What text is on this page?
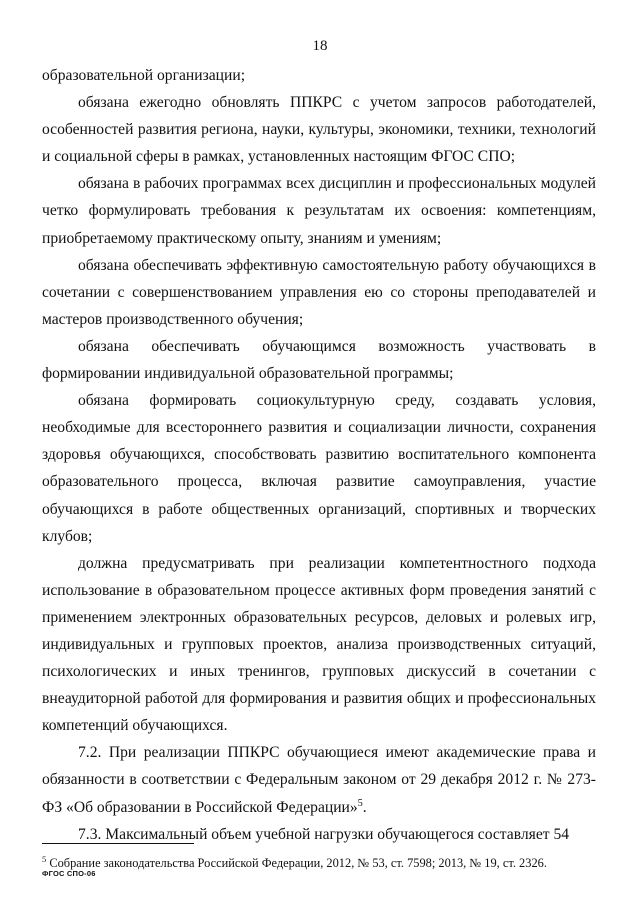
18

образовательной организации;

обязана ежегодно обновлять ППКРС с учетом запросов работодателей, особенностей развития региона, науки, культуры, экономики, техники, технологий и социальной сферы в рамках, установленных настоящим ФГОС СПО;

обязана в рабочих программах всех дисциплин и профессиональных модулей четко формулировать требования к результатам их освоения: компетенциям, приобретаемому практическому опыту, знаниям и умениям;

обязана обеспечивать эффективную самостоятельную работу обучающихся в сочетании с совершенствованием управления ею со стороны преподавателей и мастеров производственного обучения;

обязана обеспечивать обучающимся возможность участвовать в формировании индивидуальной образовательной программы;

обязана формировать социокультурную среду, создавать условия, необходимые для всестороннего развития и социализации личности, сохранения здоровья обучающихся, способствовать развитию воспитательного компонента образовательного процесса, включая развитие самоуправления, участие обучающихся в работе общественных организаций, спортивных и творческих клубов;

должна предусматривать при реализации компетентностного подхода использование в образовательном процессе активных форм проведения занятий с применением электронных образовательных ресурсов, деловых и ролевых игр, индивидуальных и групповых проектов, анализа производственных ситуаций, психологических и иных тренингов, групповых дискуссий в сочетании с внеаудиторной работой для формирования и развития общих и профессиональных компетенций обучающихся.

7.2. При реализации ППКРС обучающиеся имеют академические права и обязанности в соответствии с Федеральным законом от 29 декабря 2012 г. № 273-ФЗ «Об образовании в Российской Федерации»$^5$.

7.3. Максимальный объем учебной нагрузки обучающегося составляет 54

$^5$ Собрание законодательства Российской Федерации, 2012, № 53, ст. 7598; 2013, № 19, ст. 2326.
ФГОС СПО-06
